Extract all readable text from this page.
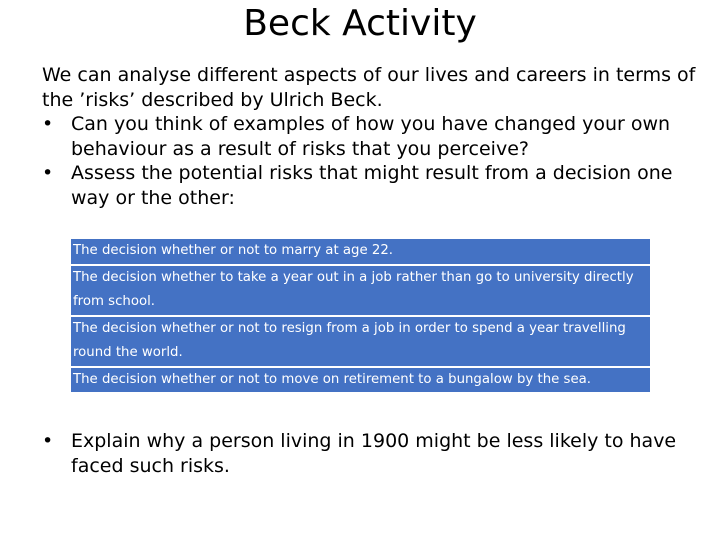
Beck Activity

We can analyse different aspects of our lives and careers in terms of the ’risks’ described by Ulrich Beck.

• Can you think of examples of how you have changed your own behaviour as a result of risks that you perceive?
• Assess the potential risks that might result from a decision one way or the other:
The decision whether or not to marry at age 22.
The decision whether to take a year out in a job rather than go to university directly from school.
The decision whether or not to resign from a job in order to spend a year travelling round the world.
The decision whether or not to move on retirement to a bungalow by the sea.
• Explain why a person living in 1900 might be less likely to have faced such risks.
